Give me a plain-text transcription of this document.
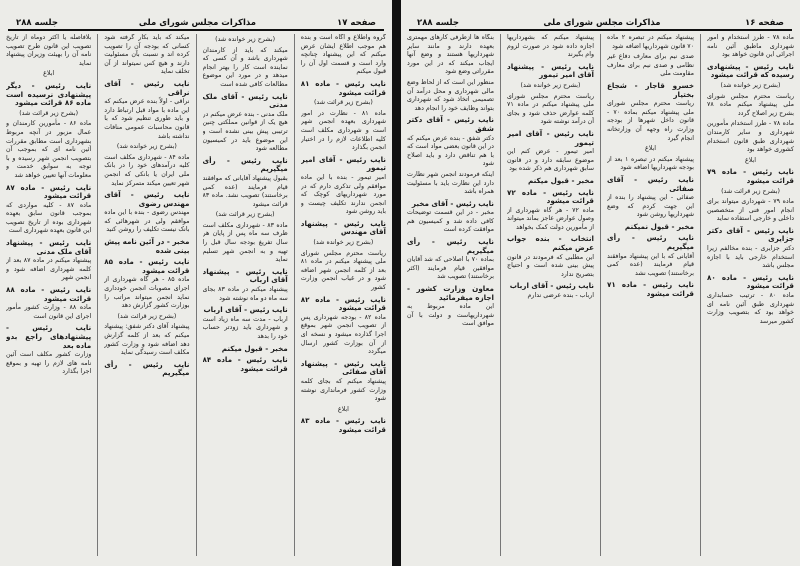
صفحه ۱۷
مذاکرات مجلس شورای ملی
جلسه ۲۸۸

گروه واطلاع و آگاه است و بنده هم موجب اطلاع ایشان عرض میکنم که این پیشنهاد چنانچه وارد است و قسمت اول آن را قبول میکنم

نایب رئیس - ماده ۸۱ قرائت میشود

(بشرح زیر قرائت شد)

ماده ۸۱ - نظارت در امور شهرداری بعهده انجمن شهر است و شهرداری مکلف است کلیه اطلاعات لازم را در اختیار انجمن بگذارد

نایب رئیس - آقای امیر تیمور

امیر تیمور - بنده با این ماده موافقم ولی تذکری دارم که در مورد شهرداریهای کوچک که انجمن ندارند تکلیف چیست و باید روشن شود

نایب رئیس - پیشنهاد آقای مهندس

(بشرح زیر خوانده شد)

ریاست محترم مجلس شورای ملی پیشنهاد میکنم در ماده ۸۱ بعد از کلمه انجمن شهر اضافه شود و در غیاب انجمن وزارت کشور

نایب رئیس - ماده ۸۲ قرائت میشود

ماده ۸۲ - بودجه شهرداری پس از تصویب انجمن شهر بموقع اجرا گذارده میشود و نسخه ای از آن بوزارت کشور ارسال میگردد

نایب رئیس - پیشنهاد آقای صفائی

پیشنهاد میکنم که بجای کلمه وزارت کشور فرمانداری نوشته شود

ابلاغ

نایب رئیس - ماده ۸۳ قرائت میشود

(بشرح زیر خوانده شد)

میکند که باید از کارمندان شهرداری باشد و آن کسی که نماینده است کار را بهتر انجام میدهد و در مورد این موضوع مطالعات کافی شده است

نایب رئیس - آقای ملک مدنی

ملک مدنی - بنده عرض میکنم در هیچ یک از قوانین مملکتی چنین ترتیبی پیش بینی نشده است و این موضوع باید در کمیسیون مطالعه شود

نایب رئیس - رأی میگیریم

بقبول پیشنهاد آقایانی که موافقند قیام فرمایند (عده کمی برخاستند) تصویب نشد. ماده ۸۳ قرائت میشود

(بشرح زیر قرائت شد)

ماده ۸۳ - شهرداری مکلف است ظرف سه ماه پس از پایان هر سال تفریغ بودجه سال قبل را تهیه و به انجمن شهر تسلیم نماید

نایب رئیس - پیشنهاد آقای ارباب

پیشنهاد میکنم در ماده ۸۳ بجای سه ماه دو ماه نوشته شود

نایب رئیس - آقای ارباب

ارباب - مدت سه ماه زیاد است و شهرداری باید زودتر حساب خود را بدهد

مخبر - قبول میکنم

نایب رئیس - ماده ۸۴ قرائت میشود

میکند که باید بکار گرفته شود کسانی که بودجه آن را تصویب کرده اند و نسبت بآن مسئولیت دارند و هیچ کس نمیتواند از آن تخلف نماید

نایب رئیس - آقای نراقی

نراقی - اولاً بنده عرض میکنم که این ماده با مواد قبل ارتباط دارد و باید طوری تنظیم شود که با قانون محاسبات عمومی منافات نداشته باشد

(بشرح زیر خوانده شد)

ماده ۸۴ - شهرداری مکلف است کلیه درآمدهای خود را در بانک ملی ایران یا بانکی که انجمن شهر تعیین میکند متمرکز نماید

نایب رئیس - آقای مهندس رضوی

مهندس رضوی - بنده با این ماده موافقم ولی در شهرهائی که بانک نیست تکلیف را روشن کنید

مخبر - در آئین نامه پیش بینی شده

نایب رئیس - ماده ۸۵ قرائت میشود

ماده ۸۵ - هر گاه شهرداری از اجرای مصوبات انجمن خودداری نماید انجمن میتواند مراتب را بوزارت کشور گزارش دهد

(بشرح زیر قرائت شد)

پیشنهاد آقای دکتر شفق: پیشنهاد میکنم که بعد از کلمه گزارش دهد اضافه شود و وزارت کشور مکلف است رسیدگی نماید

نایب رئیس - رأی میگیریم

بلافاصله یا اکثر دوماه از تاریخ تصویب این قانون طرح تصویب نامه آن را بهیئت وزیران پیشنهاد نماید

ابلاغ

نایب رئیس - دیگر پیشنهادی نرسیده است ماده ۸۶ قرائت میشود

(بشرح زیر قرائت شد)

ماده ۸۶ - مأمورین کارمندان و عمال مزبور در آنچه مربوط بشهرداری است مطابق مقررات آئین نامه ای که بموجب آن بتصویب انجمن شهر رسیده و با توجه به سوابق خدمت و معلومات آنها تعیین خواهد شد

نایب رئیس - ماده ۸۷ قرائت میشود

ماده ۸۷ - کلیه مواردی که بموجب قانون سابق بعهده شهرداری بوده از تاریخ تصویب این قانون بعهده شهرداری است

نایب رئیس - پیشنهاد آقای ملک مدنی

پیشنهاد میکنم در ماده ۸۷ بعد از کلمه شهرداری اضافه شود و انجمن شهر

نایب رئیس - ماده ۸۸ قرائت میشود

ماده ۸۸ - وزارت کشور مأمور اجرای این قانون است

نایب رئیس - پیشنهادهای راجع بدو ماده بعد

وزارت کشور مکلف است آئین نامه های لازم را تهیه و بموقع اجرا بگذارد

صفحه ۱۶
مذاکرات مجلس شورای ملی
جلسه ۲۸۸

ماده ۷۸ - طرز استخدام و امور شهرداری ماطبق آئین نامه اجرائی این قانون خواهد بود

نایب رئیس - پیشنهادی رسیده که قرائت میشود

(بشرح زیر خوانده شد)

ریاست محترم مجلس شورای ملی پیشنهاد میکنم ماده ۷۸ بشرح زیر اصلاح گردد

ماده ۷۸ - طرز استخدام مأمورین شهرداری و سایر کارمندان شهرداری طبق قانون استخدام کشوری خواهد بود

ابلاغ

نایب رئیس - ماده ۷۹ قرائت میشود

(بشرح زیر قرائت شد)

ماده ۷۹ - شهرداری میتواند برای انجام امور فنی از متخصصین داخلی و خارجی استفاده نماید

نایب رئیس - آقای دکتر جزایری

دکتر جزایری - بنده مخالفم زیرا استخدام خارجی باید با اجازه مجلس باشد

نایب رئیس - ماده ۸۰ قرائت میشود

ماده ۸۰ - ترتیب حسابداری شهرداری طبق آئین نامه ای خواهد بود که بتصویب وزارت کشور میرسد

پیشنهاد میکنم در تبصره ۲ ماده ۷۰ قانون شهرداریها اضافه شود

صدی نیم برای معارف دفاع غیر نظامی و صدی نیم برای معارف مقاومت ملی

خسرو قاجار - شجاع بختیار

ریاست محترم مجلس شورای ملی پیشنهاد میکنم بماده ۷۰ - قانون داخل شهرها از بودجه وزارت راه وجهه آن وزارتخانه انجام گیرد

ابلاغ

پیشنهاد میکنم در تبصره ۱ بعد از بودجه شهرداریها اضافه شود

نایب رئیس - آقای صفائی

صفائی - این پیشنهاد را بنده از این جهت کردم که وضع شهرداریها روشن شود

مخبر - قبول نمیکنم

نایب رئیس - رأی میگیریم

آقایانی که با این پیشنهاد موافقند قیام فرمایند (عده کمی برخاستند) تصویب نشد

نایب رئیس - ماده ۷۱ قرائت میشود

پیشنهاد میکنم که بشهرداریها اجازه داده شود در صورت لزوم وام بگیرند

نایب رئیس - پیشنهاد آقای امیر تیمور

(بشرح زیر خوانده شد)

ریاست محترم مجلس شورای ملی پیشنهاد میکنم در ماده ۷۱ کلمه عوارض حذف شود و بجای آن درآمد نوشته شود

نایب رئیس - آقای امیر تیمور

امیر تیمور - عرض کنم این موضوع سابقه دارد و در قانون سابق شهرداری هم ذکر شده بود

مخبر - قبول میکنم

نایب رئیس - ماده ۷۲ قرائت میشود

ماده ۷۲ - هر گاه شهرداری از وصول عوارض عاجز بماند میتواند از مأمورین دولت کمک بخواهد

انتخاب - بنده جواب عرض میکنم

این مطلبی که فرمودند در قانون پیش بینی شده است و احتیاج بتصریح ندارد

نایب رئیس - آقای ارباب

ارباب - بنده عرضی ندارم

بنگاه ها ازطرفی کارهای مهمتری بعهده دارند و مانند سایر شهرداریها هستند و وضع آنها ایجاب میکند که در این مورد مقرراتی وضع شود

منظور این است که از لحاظ وضع مالی شهرداری و محل درآمد آن تصمیمی اتخاذ شود که شهرداری بتواند وظایف خود را انجام دهد

نایب رئیس - آقای دکتر شفق

دکتر شفق - بنده عرض میکنم که در این قانون بعضی مواد است که با هم تناقض دارد و باید اصلاح شود

اینکه فرمودند انجمن شهر نظارت دارد این نظارت باید با مسئولیت همراه باشد

نایب رئیس - آقای مخبر

مخبر - در این قسمت توضیحات کافی داده شد و کمیسیون هم موافقت کرده است

نایب رئیس - رأی میگیریم

بماده ۷۰ با اصلاحی که شد آقایان موافقین قیام فرمایند (اکثر برخاستند) تصویب شد

معاون وزارت کشور - اجازه میفرمائید

این ماده مربوط به شهرداریهاست و دولت با آن موافق است
